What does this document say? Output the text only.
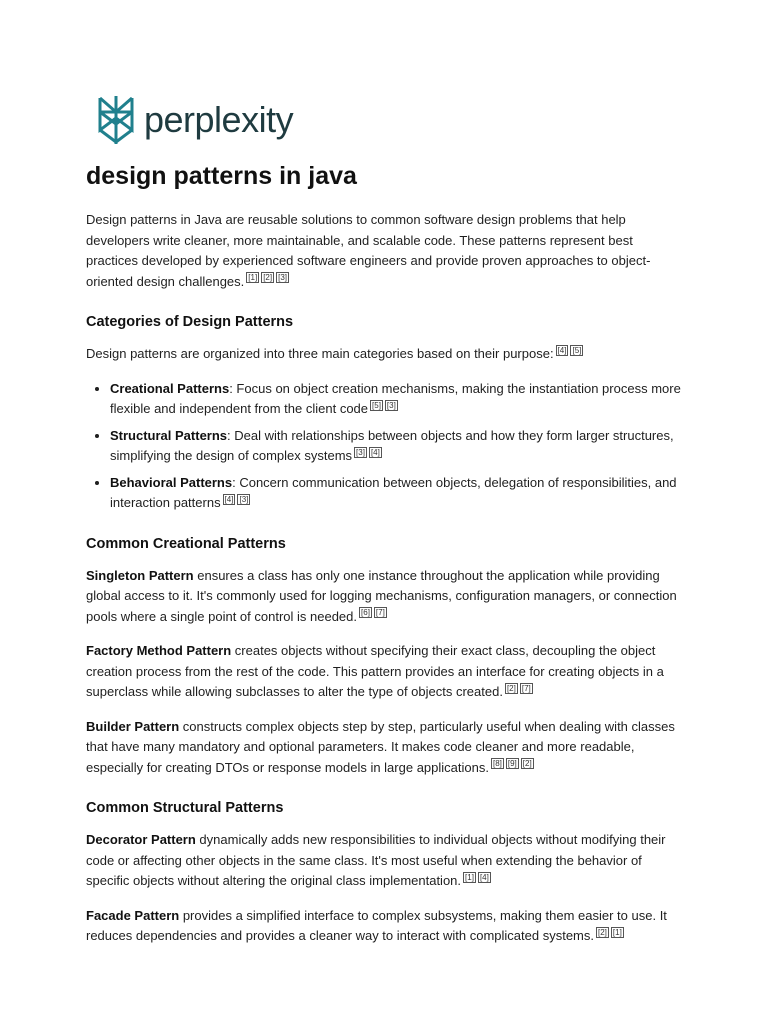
perplexity
design patterns in java

Design patterns in Java are reusable solutions to common software design problems that help developers write cleaner, more maintainable, and scalable code. These patterns represent best practices developed by experienced software engineers and provide proven approaches to object-oriented design challenges. [1] [2] [3]

Categories of Design Patterns

Design patterns are organized into three main categories based on their purpose: [4] [5]

• Creational Patterns: Focus on object creation mechanisms, making the instantiation process more flexible and independent from the client code [5] [3]
• Structural Patterns: Deal with relationships between objects and how they form larger structures, simplifying the design of complex systems [3] [4]
• Behavioral Patterns: Concern communication between objects, delegation of responsibilities, and interaction patterns [4] [3]
Common Creational Patterns

Singleton Pattern ensures a class has only one instance throughout the application while providing global access to it. It's commonly used for logging mechanisms, configuration managers, or connection pools where a single point of control is needed. [6] [7]

Factory Method Pattern creates objects without specifying their exact class, decoupling the object creation process from the rest of the code. This pattern provides an interface for creating objects in a superclass while allowing subclasses to alter the type of objects created. [2] [7]

Builder Pattern constructs complex objects step by step, particularly useful when dealing with classes that have many mandatory and optional parameters. It makes code cleaner and more readable, especially for creating DTOs or response models in large applications. [8] [9] [2]

Common Structural Patterns

Decorator Pattern dynamically adds new responsibilities to individual objects without modifying their code or affecting other objects in the same class. It's most useful when extending the behavior of specific objects without altering the original class implementation. [1] [4]

Facade Pattern provides a simplified interface to complex subsystems, making them easier to use. It reduces dependencies and provides a cleaner way to interact with complicated systems. [2] [1]
